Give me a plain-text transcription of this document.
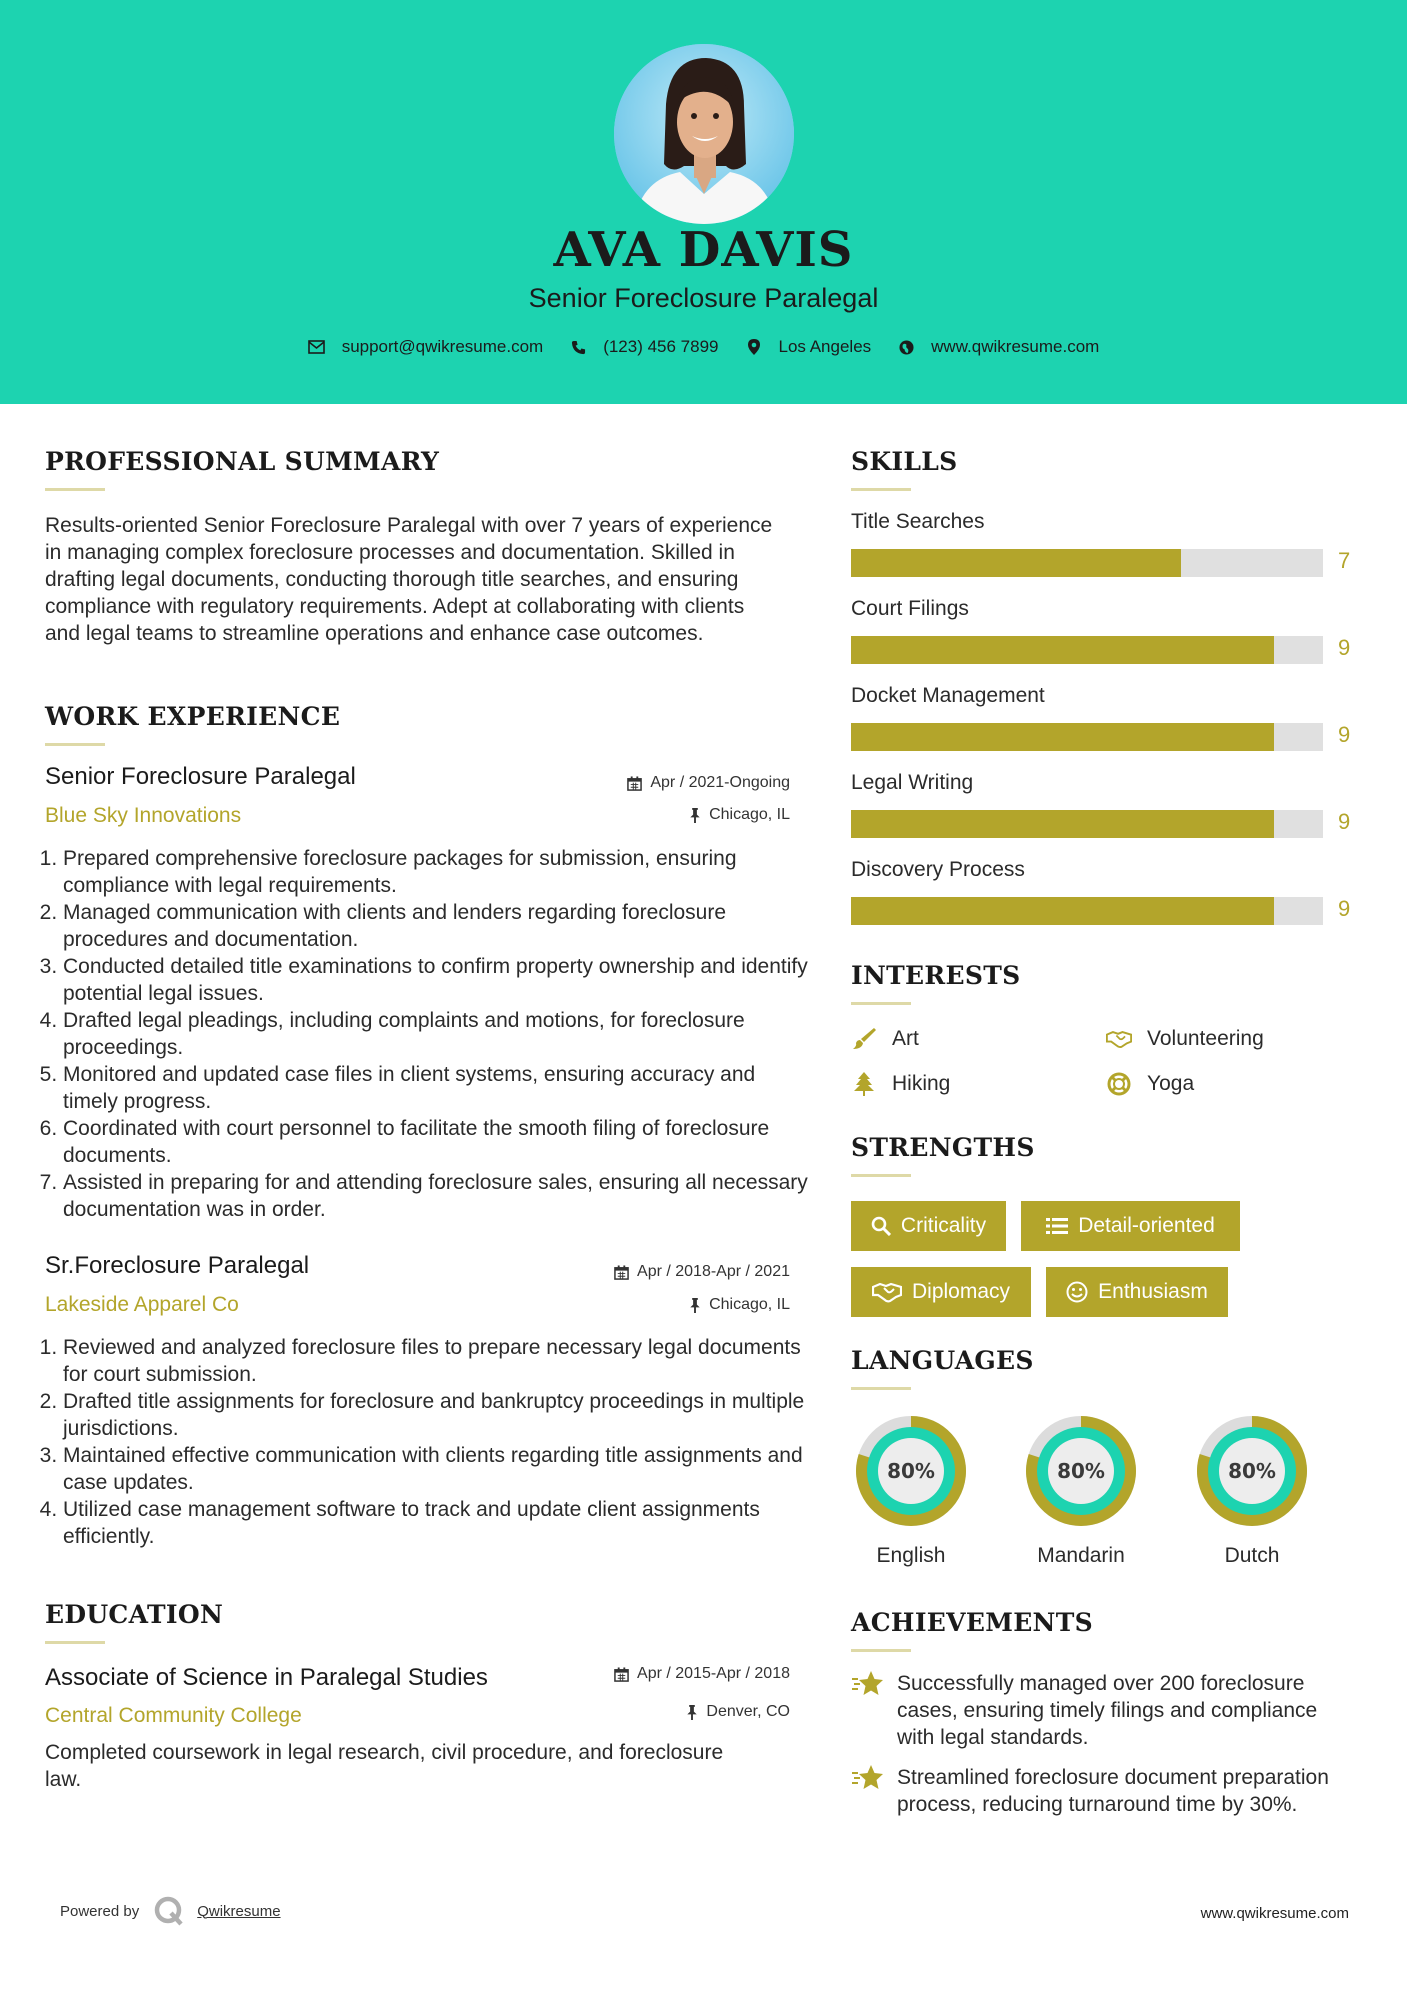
AVA DAVIS
Senior Foreclosure Paralegal
support@qwikresume.com	(123) 456 7899	Los Angeles	www.qwikresume.com
PROFESSIONAL SUMMARY
Results-oriented Senior Foreclosure Paralegal with over 7 years of experience in managing complex foreclosure processes and documentation. Skilled in drafting legal documents, conducting thorough title searches, and ensuring compliance with regulatory requirements. Adept at collaborating with clients and legal teams to streamline operations and enhance case outcomes.
WORK EXPERIENCE
Senior Foreclosure Paralegal
Blue Sky Innovations
Apr / 2021-Ongoing
Chicago, IL
1. Prepared comprehensive foreclosure packages for submission, ensuring compliance with legal requirements.
2. Managed communication with clients and lenders regarding foreclosure procedures and documentation.
3. Conducted detailed title examinations to confirm property ownership and identify potential legal issues.
4. Drafted legal pleadings, including complaints and motions, for foreclosure proceedings.
5. Monitored and updated case files in client systems, ensuring accuracy and timely progress.
6. Coordinated with court personnel to facilitate the smooth filing of foreclosure documents.
7. Assisted in preparing for and attending foreclosure sales, ensuring all necessary documentation was in order.
Sr.Foreclosure Paralegal
Lakeside Apparel Co
Apr / 2018-Apr / 2021
Chicago, IL
1. Reviewed and analyzed foreclosure files to prepare necessary legal documents for court submission.
2. Drafted title assignments for foreclosure and bankruptcy proceedings in multiple jurisdictions.
3. Maintained effective communication with clients regarding title assignments and case updates.
4. Utilized case management software to track and update client assignments efficiently.
EDUCATION
Associate of Science in Paralegal Studies
Central Community College
Apr / 2015-Apr / 2018
Denver, CO
Completed coursework in legal research, civil procedure, and foreclosure law.
SKILLS
Title Searches
7
Court Filings
9
Docket Management
9
Legal Writing
9
Discovery Process
9
INTERESTS
Art	Volunteering
Hiking	Yoga
STRENGTHS
Criticality	Detail-oriented
Diplomacy	Enthusiasm
LANGUAGES
80%
English
80%
Mandarin
80%
Dutch
ACHIEVEMENTS
Successfully managed over 200 foreclosure cases, ensuring timely filings and compliance with legal standards.
Streamlined foreclosure document preparation process, reducing turnaround time by 30%.
Powered by	Qwikresume	www.qwikresume.com
